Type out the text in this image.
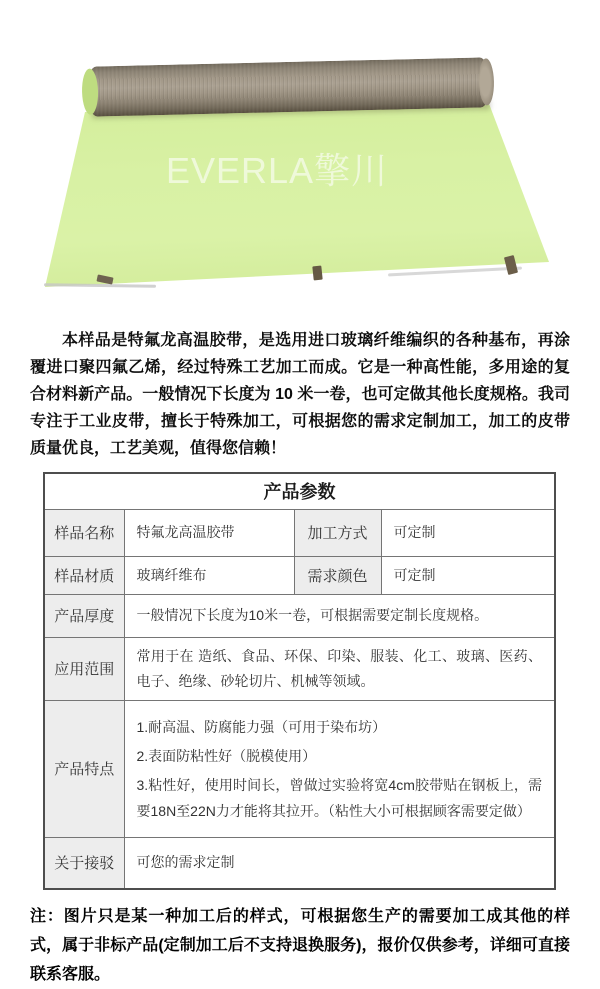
EVERLA擎川

本样品是特氟龙高温胶带，是选用进口玻璃纤维编织的各种基布，再涂覆进口聚四氟乙烯，经过特殊工艺加工而成。它是一种高性能，多用途的复合材料新产品。一般情况下长度为 10 米一卷，也可定做其他长度规格。我司专注于工业皮带，擅长于特殊加工，可根据您的需求定制加工，加工的皮带质量优良，工艺美观，值得您信赖！

产品参数			
样品名称	特氟龙高温胶带	加工方式	可定制
样品材质	玻璃纤维布	需求颜色	可定制
产品厚度	一般情况下长度为10米一卷，可根据需要定制长度规格。		
应用范围	常用于在 造纸、食品、环保、印染、服装、化工、玻璃、医药、电子、绝缘、砂轮切片、机械等领域。		
产品特点	1.耐高温、防腐能力强（可用于染布坊）

2.表面防粘性好（脱模使用）

3.粘性好，使用时间长，曾做过实验将宽4cm胶带贴在钢板上，需要18N至22N力才能将其拉开。（粘性大小可根据顾客需要定做）		

关于接驳	可您的需求定制		

注：图片只是某一种加工后的样式，可根据您生产的需要加工成其他的样式，属于非标产品(定制加工后不支持退换服务)，报价仅供参考，详细可直接联系客服。
